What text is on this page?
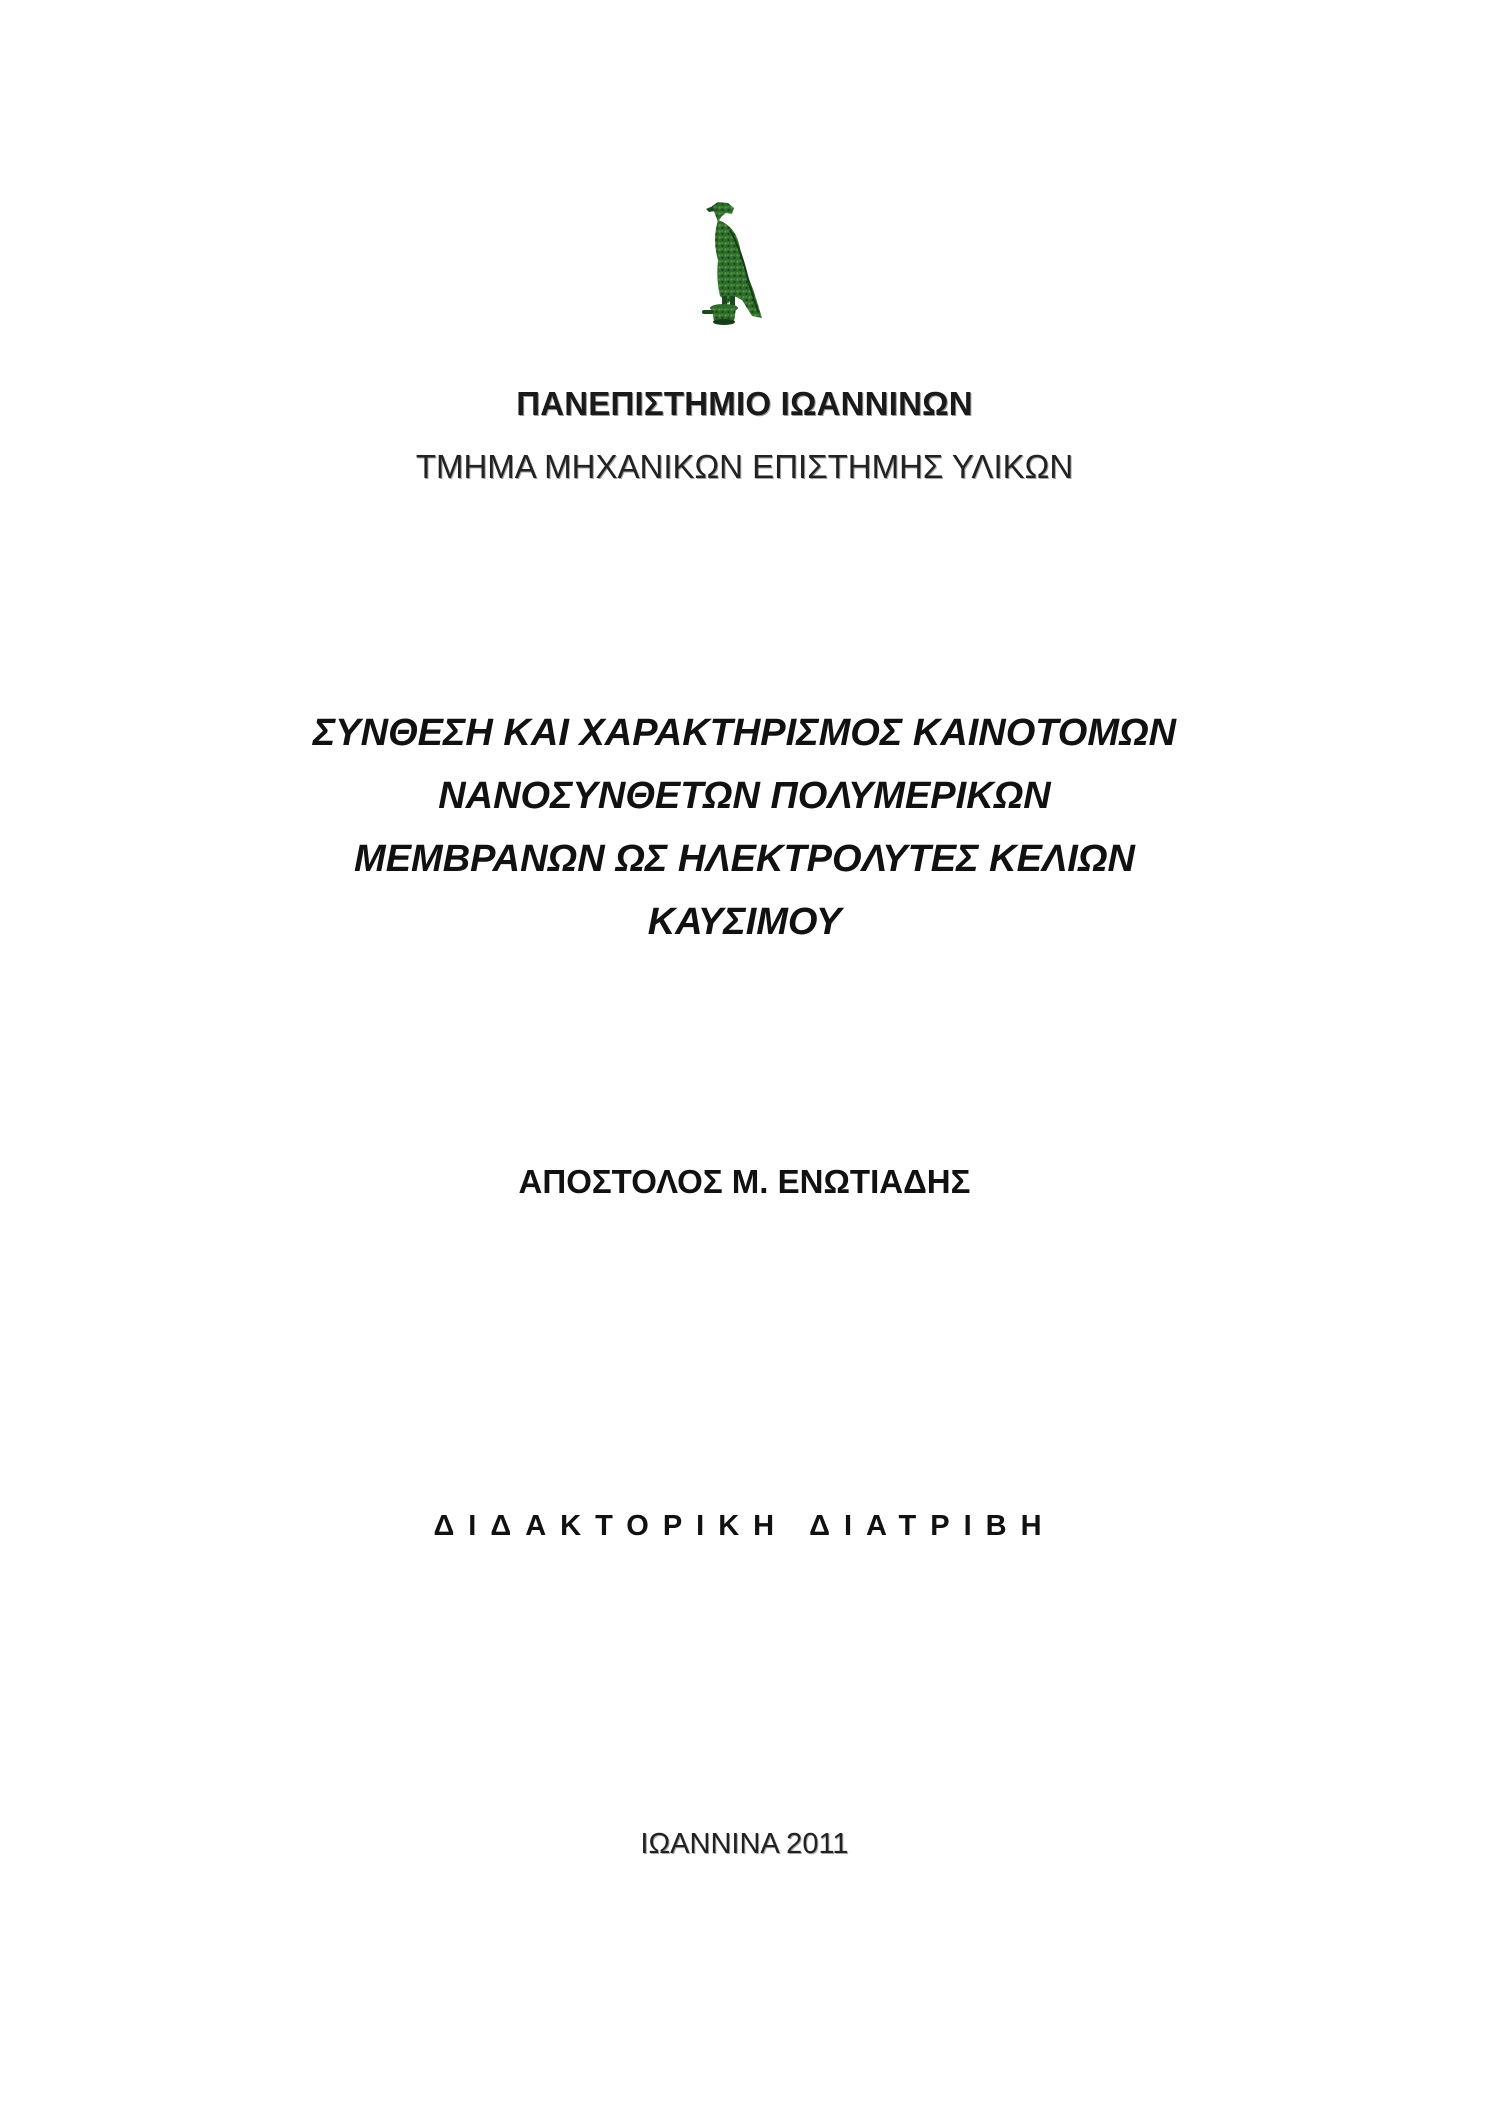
ΠΑΝΕΠΙΣΤΗΜΙΟ ΙΩΑΝΝΙΝΩΝ
ΤΜΗΜΑ ΜΗΧΑΝΙΚΩΝ ΕΠΙΣΤΗΜΗΣ ΥΛΙΚΩΝ
ΣΥΝΘΕΣΗ ΚΑΙ ΧΑΡΑΚΤΗΡΙΣΜΟΣ ΚΑΙΝΟΤΟΜΩΝ
ΝΑΝΟΣΥΝΘΕΤΩΝ ΠΟΛΥΜΕΡΙΚΩΝ
ΜΕΜΒΡΑΝΩΝ ΩΣ ΗΛΕΚΤΡΟΛΥΤΕΣ ΚΕΛΙΩΝ
ΚΑΥΣΙΜΟΥ
ΑΠΟΣΤΟΛΟΣ Μ. ΕΝΩΤΙΑΔΗΣ
ΔΙΔΑΚΤΟΡΙΚΗ ΔΙΑΤΡΙΒΗ
ΙΩΑΝΝΙΝΑ 2011
